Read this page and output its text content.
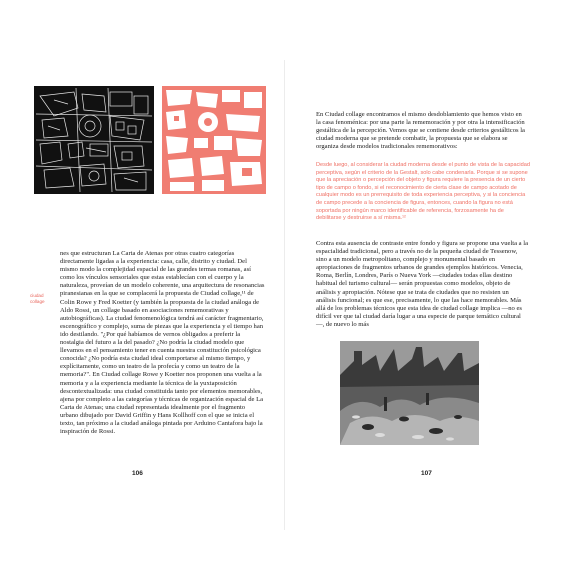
ciudad collage

nes que estructuran La Carta de Atenas por otras cuatro categorías directamente ligadas a la experiencia: casa, calle, distrito y ciudad. Del mismo modo la complejidad espacial de las grandes termas romanas, así como los vínculos sensoriales que estas establecían con el cuerpo y la naturaleza, proveían de un modelo coherente, una arquitectura de resonancias piranesianas en la que se complacerá la propuesta de Ciudad collage,¹¹ de Colin Rowe y Fred Koetter (y también la propuesta de la ciudad análoga de Aldo Rossi, un collage basado en asociaciones rememorativas y autobiográficas). La ciudad fenomenológica tendrá así carácter fragmentario, escenográfico y complejo, suma de piezas que la experiencia y el tiempo han ido destilando. "¿Por qué habíamos de vernos obligados a preferir la nostalgia del futuro a la del pasado? ¿No podría la ciudad modelo que llevamos en el pensamiento tener en cuenta nuestra constitución psicológica conocida? ¿No podría esta ciudad ideal comportarse al mismo tiempo, y explícitamente, como un teatro de la profecía y como un teatro de la memoria?". En Ciudad collage Rowe y Koetter nos proponen una vuelta a la memoria y a la experiencia mediante la técnica de la yuxtaposición descontextualizada: una ciudad constituida tanto por elementos memorables, ajena por completo a las categorías y técnicas de organización espacial de La Carta de Atenas; una ciudad representada idealmente por el fragmento urbano dibujado por David Griffin y Hans Kollhoff con el que se inicia el texto, tan próximo a la ciudad análoga pintada por Arduino Cantafora bajo la inspiración de Rossi.

106

En Ciudad collage encontramos el mismo desdoblamiento que hemos visto en la casa fenoménica: por una parte la rememoración y por otra la intensificación gestáltica de la percepción. Vemos que se contiene desde criterios gestálticos la ciudad moderna que se pretende combatir, la propuesta que se elabora se organiza desde modelos tradicionales rememorativos:

Desde luego, al considerar la ciudad moderna desde el punto de vista de la capacidad perceptiva, según el criterio de la Gestalt, solo cabe condenarla. Porque si se supone que la apreciación o percepción del objeto y figura requiere la presencia de un cierto tipo de campo o fondo, si el reconocimiento de cierta clase de campo acotado de cualquier modo es un prerrequisito de toda experiencia perceptiva, y si la conciencia de campo precede a la conciencia de figura, entonces, cuando la figura no está soportada por ningún marco identificable de referencia, forzosamente ha de debilitarse y destruirse a sí misma.¹²

Contra esta ausencia de contraste entre fondo y figura se propone una vuelta a la espacialidad tradicional, pero a través no de la pequeña ciudad de Tessenow, sino a un modelo metropolitano, complejo y monumental basado en apropiaciones de fragmentos urbanos de grandes ejemplos históricos. Venecia, Roma, Berlín, Londres, París o Nueva York —ciudades todas ellas destino habitual del turismo cultural— serán propuestas como modelos, objeto de análisis y apropiación. Nótese que se trata de ciudades que no resisten un análisis funcional; es que ese, precisamente, lo que las hace memorables. Más allá de los problemas técnicos que esta idea de ciudad collage implica —no es difícil ver que tal ciudad daría lugar a una especie de parque temático cultural—, de nuevo lo más

107
